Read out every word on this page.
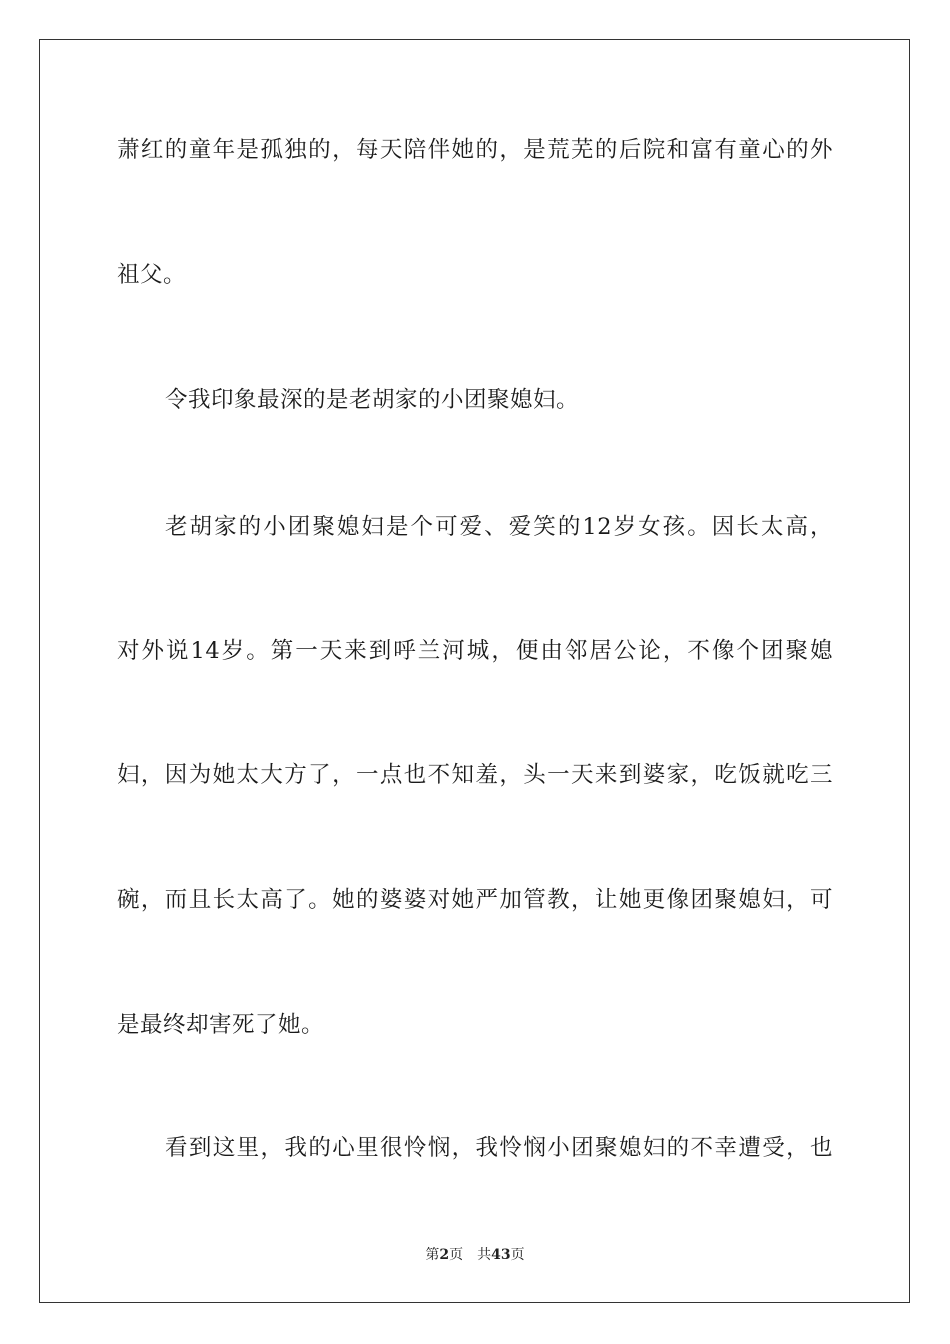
萧红的童年是孤独的，每天陪伴她的，是荒芜的后院和富有童心的外
祖父。
令我印象最深的是老胡家的小团聚媳妇。
老胡家的小团聚媳妇是个可爱、爱笑的12岁女孩。因长太高，
对外说14岁。第一天来到呼兰河城，便由邻居公论，不像个团聚媳
妇，因为她太大方了，一点也不知羞，头一天来到婆家，吃饭就吃三
碗，而且长太高了。她的婆婆对她严加管教，让她更像团聚媳妇，可
是最终却害死了她。
看到这里，我的心里很怜悯，我怜悯小团聚媳妇的不幸遭受，也
第2页 共43页
